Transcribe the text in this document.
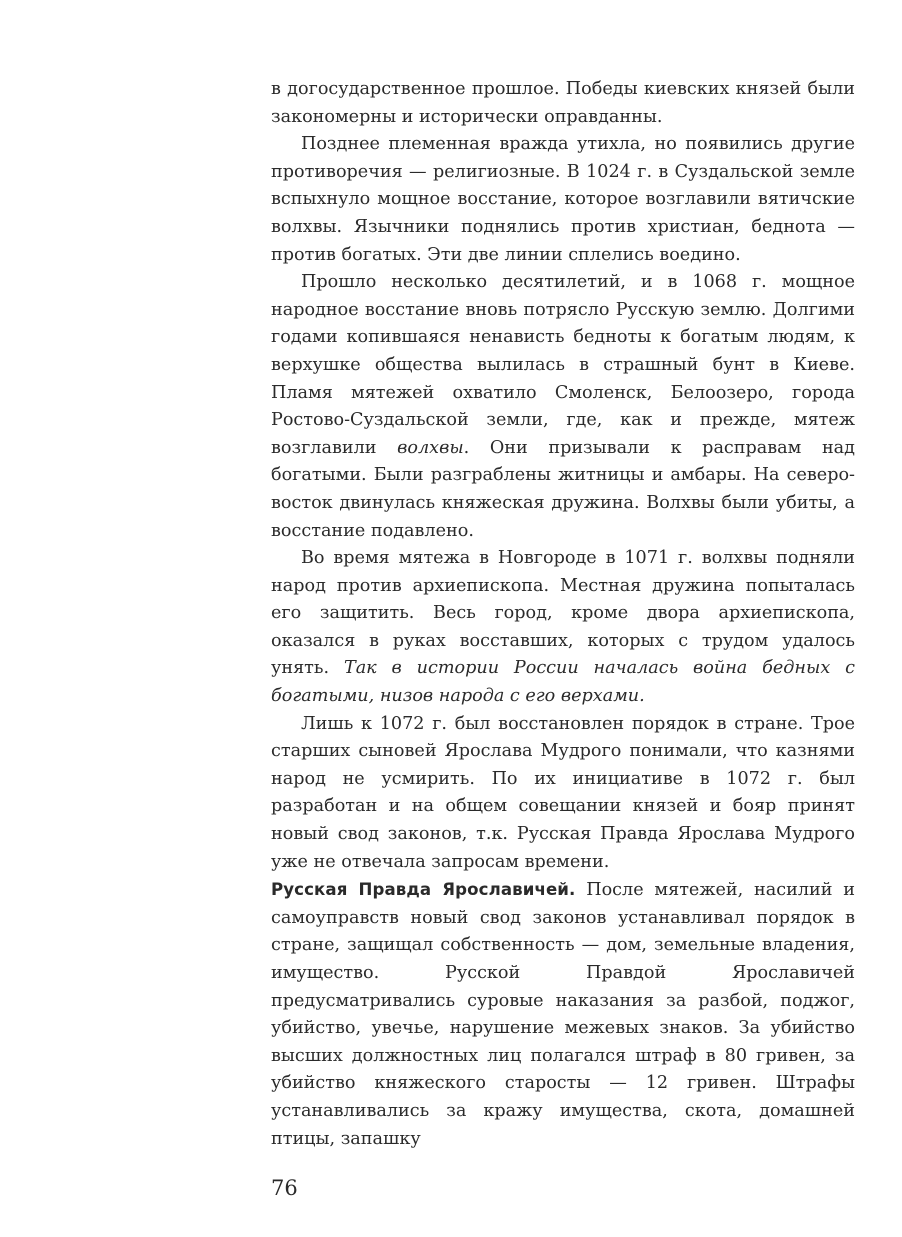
в догосударственное прошлое. Победы киевских князей были закономерны и исторически оправданны.

Позднее племенная вражда утихла, но появились другие противоречия — религиозные. В 1024 г. в Суздальской земле вспыхнуло мощное восстание, которое возглавили вятичские волхвы. Язычники поднялись против христиан, беднота — против богатых. Эти две линии сплелись воедино.

Прошло несколько десятилетий, и в 1068 г. мощное народное восстание вновь потрясло Русскую землю. Долгими годами копившаяся ненависть бедноты к богатым людям, к верхушке общества вылилась в страшный бунт в Киеве. Пламя мятежей охватило Смоленск, Белоозеро, города Ростово-Суздальской земли, где, как и прежде, мятеж возглавили волхвы. Они призывали к расправам над богатыми. Были разграблены житницы и амбары. На северо-восток двинулась княжеская дружина. Волхвы были убиты, а восстание подавлено.

Во время мятежа в Новгороде в 1071 г. волхвы подняли народ против архиепископа. Местная дружина попыталась его защитить. Весь город, кроме двора архиепископа, оказался в руках восставших, которых с трудом удалось унять. Так в истории России началась война бедных с богатыми, низов народа с его верхами.

Лишь к 1072 г. был восстановлен порядок в стране. Трое старших сыновей Ярослава Мудрого понимали, что казнями народ не усмирить. По их инициативе в 1072 г. был разработан и на общем совещании князей и бояр принят новый свод законов, т.к. Русская Правда Ярослава Мудрого уже не отвечала запросам времени.

Русская Правда Ярославичей. После мятежей, насилий и самоуправств новый свод законов устанавливал порядок в стране, защищал собственность — дом, земельные владения, имущество. Русской Правдой Ярославичей предусматривались суровые наказания за разбой, поджог, убийство, увечье, нарушение межевых знаков. За убийство высших должностных лиц полагался штраф в 80 гривен, за убийство княжеского старосты — 12 гривен. Штрафы устанавливались за кражу имущества, скота, домашней птицы, запашку

76
